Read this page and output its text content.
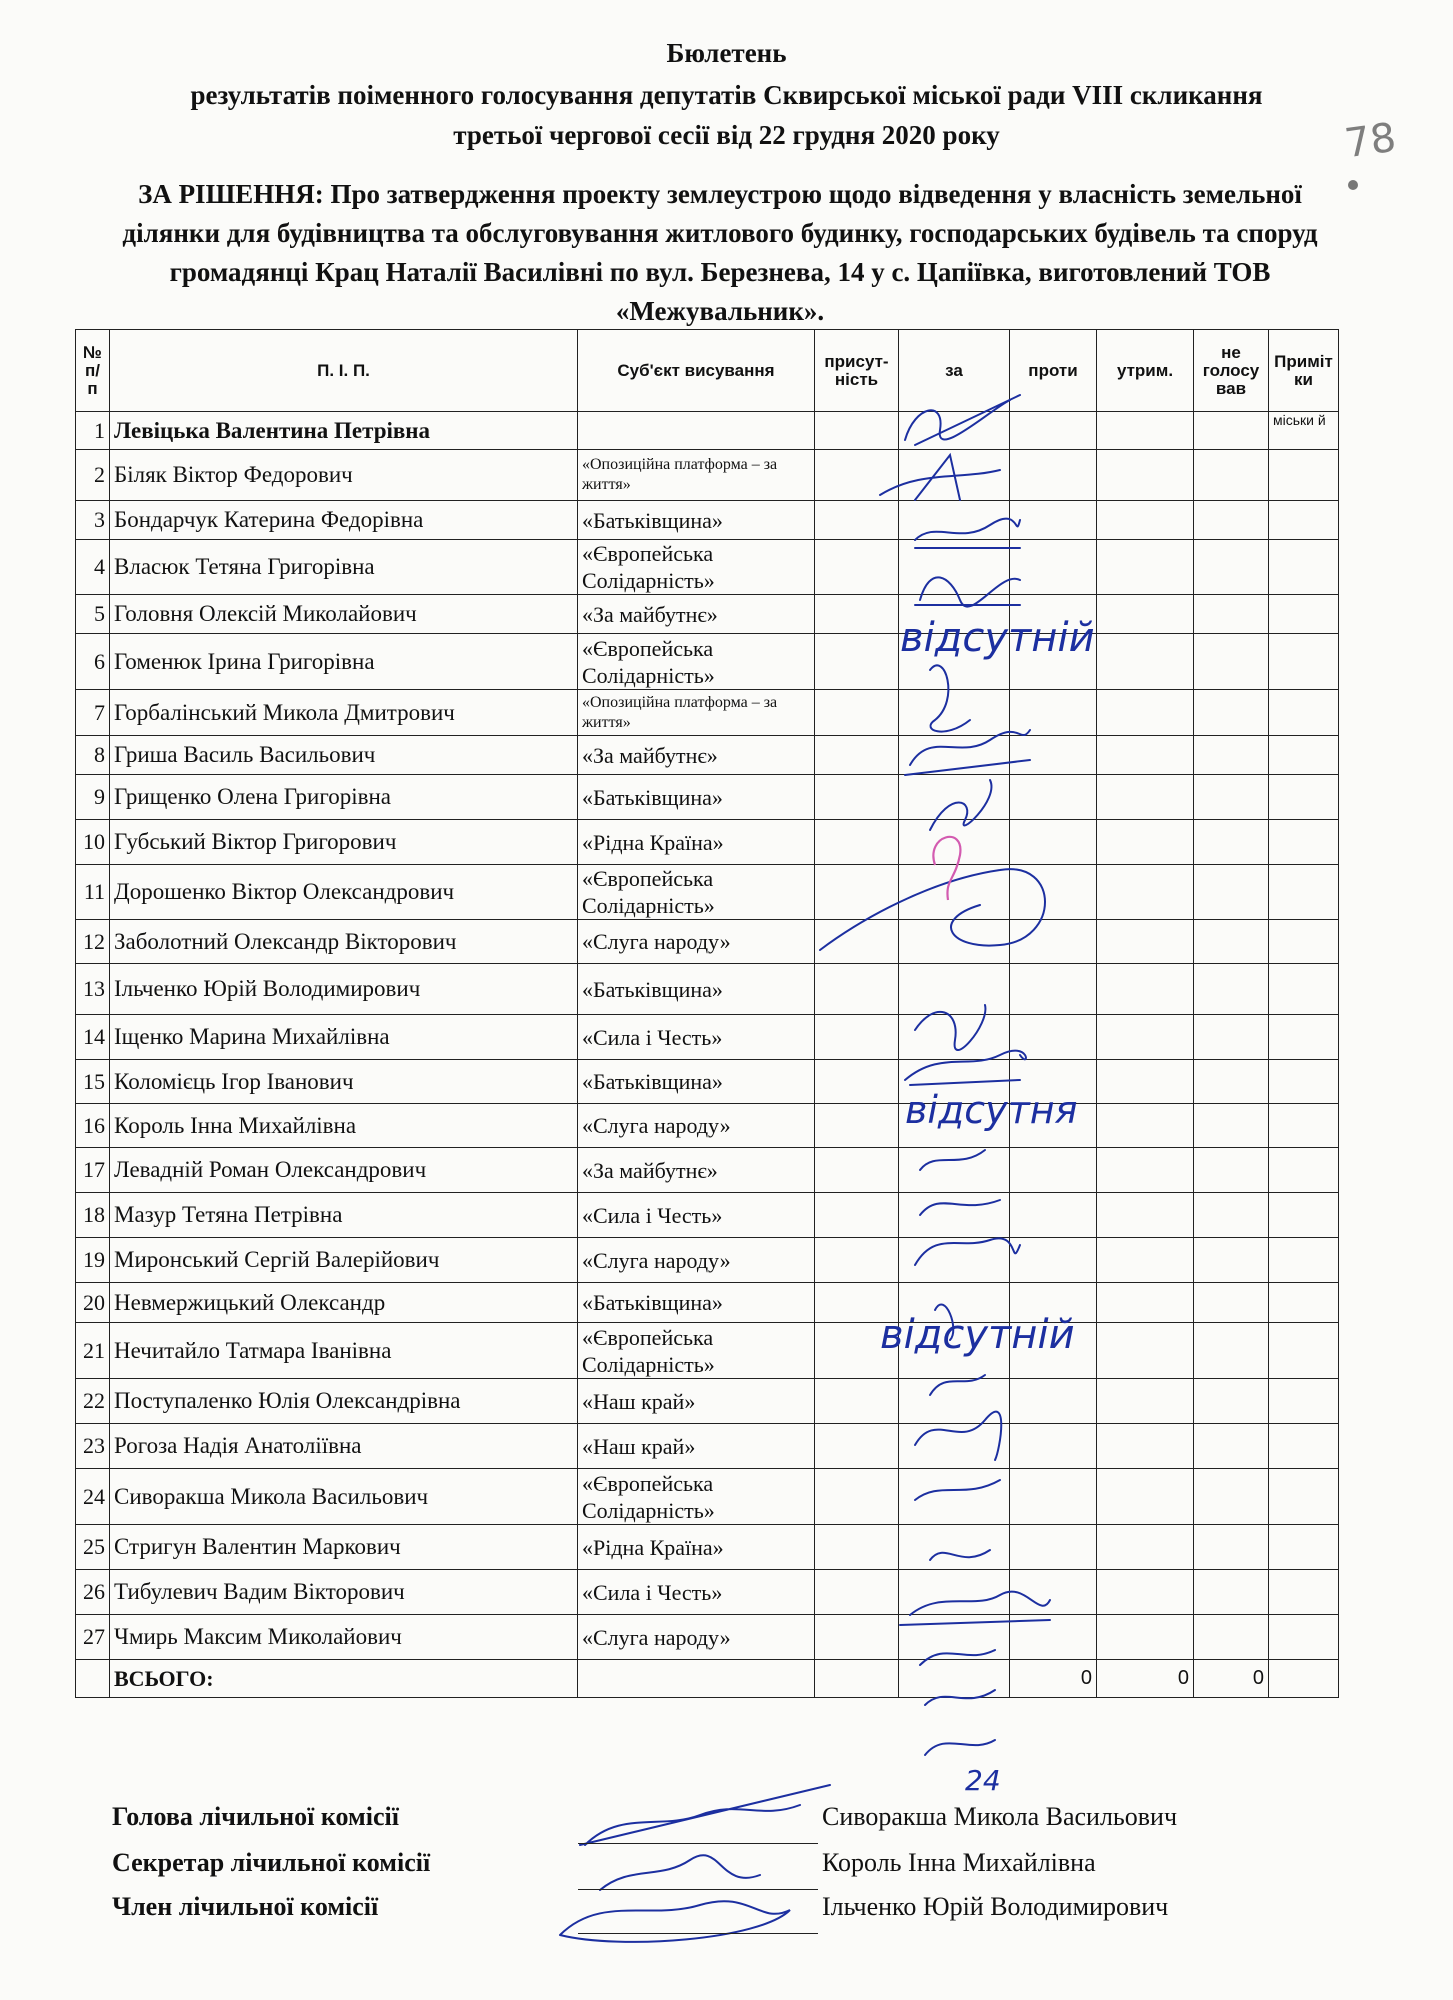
Бюлетень
результатів поіменного голосування депутатів Сквирської міської ради VIII скликання
третьої чергової сесії від 22 грудня 2020 року
ЗА РІШЕННЯ: Про затвердження проекту землеустрою щодо відведення у власність земельної ділянки для будівництва та обслуговування житлового будинку, господарських будівель та споруд громадянці Крац Наталії Василівні по вул. Березнева, 14 у с. Цапіївка, виготовлений ТОВ «Межувальник».
78
№ п/п	П. І. П.	Суб'єкт висування	присут-ність	за	проти	утрим.	не голосу вав	Приміт ки
1	Левіцька Валентина Петрівна							міськи й
2	Біляк Віктор Федорович	«Опозиційна платформа – за життя»						
3	Бондарчук Катерина Федорівна	«Батьківщина»						
4	Власюк Тетяна Григорівна	«Європейська Солідарність»						
5	Головня Олексій Миколайович	«За майбутнє»						
6	Гоменюк Ірина Григорівна	«Європейська Солідарність»						
7	Горбалінський Микола Дмитрович	«Опозиційна платформа – за життя»						
8	Гриша Василь Васильович	«За майбутнє»						
9	Грищенко Олена Григорівна	«Батьківщина»						
10	Губський Віктор Григорович	«Рідна Країна»						
11	Дорошенко Віктор Олександрович	«Європейська Солідарність»						
12	Заболотний Олександр Вікторович	«Слуга народу»						
13	Ільченко Юрій Володимирович	«Батьківщина»						
14	Іщенко Марина Михайлівна	«Сила і Честь»						
15	Коломієць Ігор Іванович	«Батьківщина»						
16	Король Інна Михайлівна	«Слуга народу»						
17	Левадній Роман Олександрович	«За майбутнє»						
18	Мазур Тетяна Петрівна	«Сила і Честь»						
19	Миронський Сергій Валерійович	«Слуга народу»						
20	Невмержицький Олександр	«Батьківщина»						
21	Нечитайло Татмара Іванівна	«Європейська Солідарність»						
22	Поступаленко Юлія Олександрівна	«Наш край»						
23	Рогоза Надія Анатоліївна	«Наш край»						
24	Сиворакша Микола Васильович	«Європейська Солідарність»						
25	Стригун Валентин Маркович	«Рідна Країна»						
26	Тибулевич Вадим Вікторович	«Сила і Честь»						
27	Чмирь Максим Миколайович	«Слуга народу»						
	ВСЬОГО:				0	0	0	
24
відсутній
відсутня
відсутній
Голова лічильної комісії	Сиворакша Микола Васильович
Секретар лічильної комісії	Король Інна Михайлівна
Член лічильної комісії	Ільченко Юрій Володимирович
